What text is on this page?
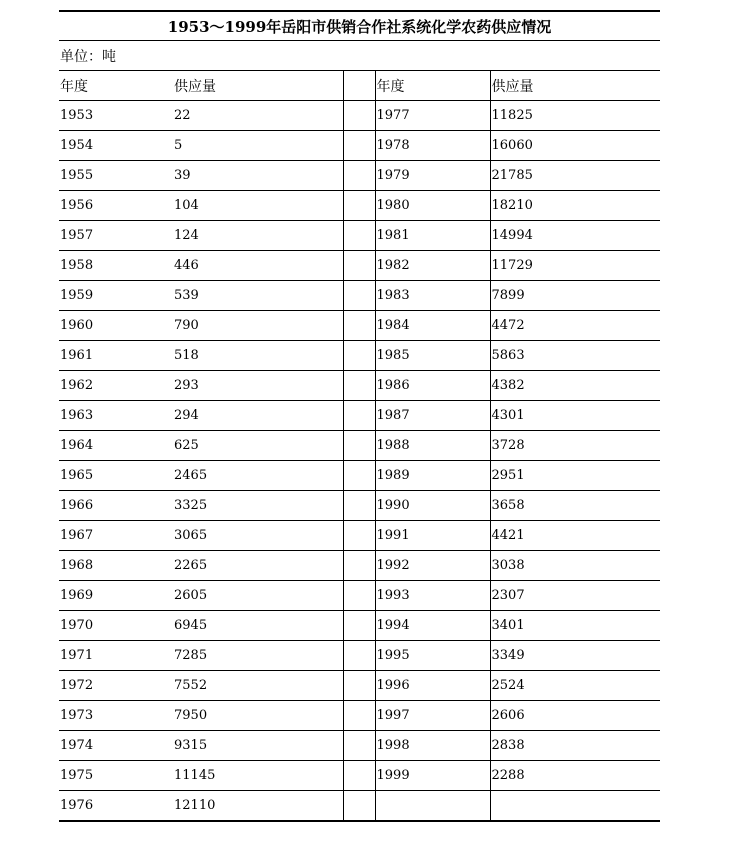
1953～1999年岳阳市供销合作社系统化学农药供应情况				
单位：吨				
年度	供应量		年度	供应量
1953	22		1977	11825
1954	5		1978	16060
1955	39		1979	21785
1956	104		1980	18210
1957	124		1981	14994
1958	446		1982	11729
1959	539		1983	7899
1960	790		1984	4472
1961	518		1985	5863
1962	293		1986	4382
1963	294		1987	4301
1964	625		1988	3728
1965	2465		1989	2951
1966	3325		1990	3658
1967	3065		1991	4421
1968	2265		1992	3038
1969	2605		1993	2307
1970	6945		1994	3401
1971	7285		1995	3349
1972	7552		1996	2524
1973	7950		1997	2606
1974	9315		1998	2838
1975	11145		1999	2288
1976	12110			
